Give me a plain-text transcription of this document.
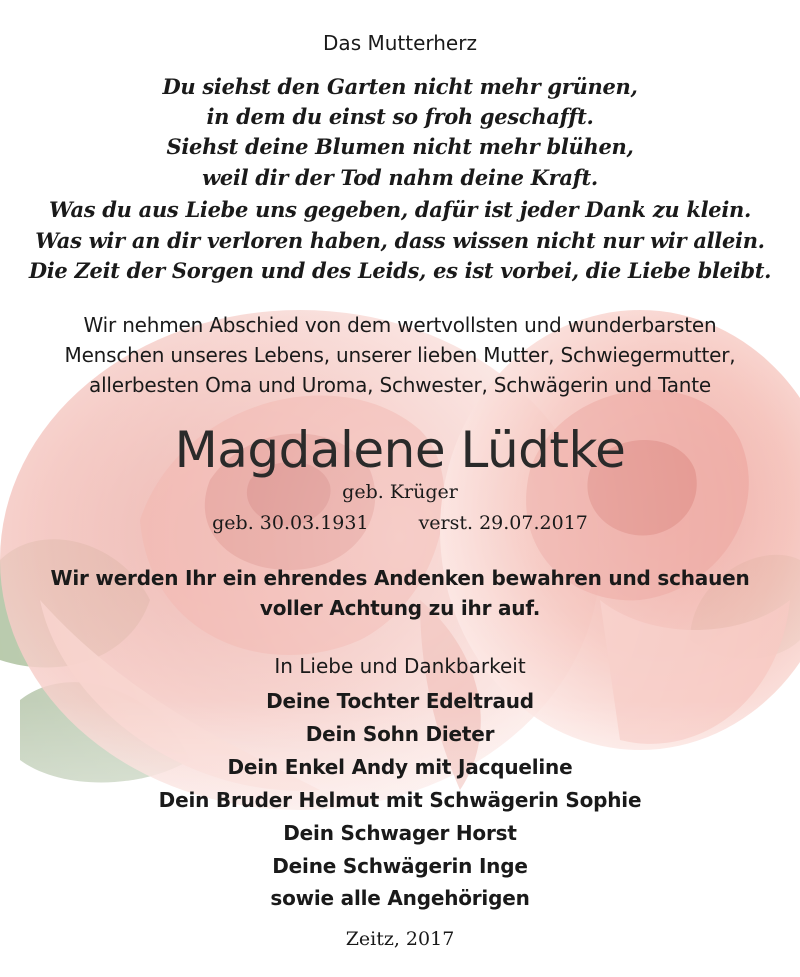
Das Mutterherz
Du siehst den Garten nicht mehr grünen,
in dem du einst so froh geschafft.
Siehst deine Blumen nicht mehr blühen,
weil dir der Tod nahm deine Kraft.
Was du aus Liebe uns gegeben, dafür ist jeder Dank zu klein.
Was wir an dir verloren haben, dass wissen nicht nur wir allein.
Die Zeit der Sorgen und des Leids, es ist vorbei, die Liebe bleibt.
Wir nehmen Abschied von dem wertvollsten und wunderbarsten
Menschen unseres Lebens, unserer lieben Mutter, Schwiegermutter,
allerbesten Oma und Uroma, Schwester, Schwägerin und Tante
Magdalene Lüdtke
geb. Krüger
geb. 30.03.1931	verst. 29.07.2017
Wir werden Ihr ein ehrendes Andenken bewahren und schauen
voller Achtung zu ihr auf.
In Liebe und Dankbarkeit
Deine Tochter Edeltraud
Dein Sohn Dieter
Dein Enkel Andy mit Jacqueline
Dein Bruder Helmut mit Schwägerin Sophie
Dein Schwager Horst
Deine Schwägerin Inge
sowie alle Angehörigen
Zeitz, 2017
